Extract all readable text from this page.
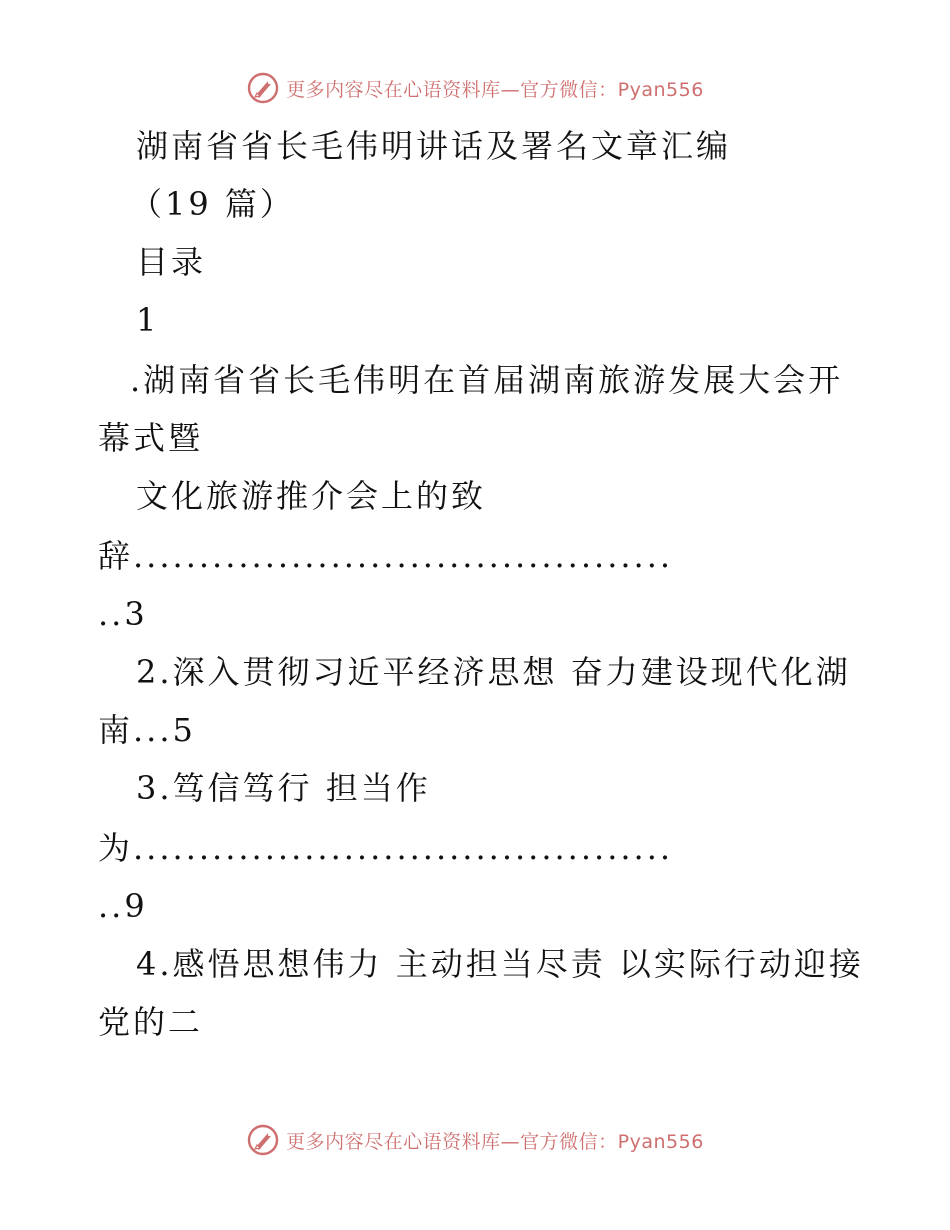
更多内容尽在心语资料库—官方微信：Pyan556
湖南省省长毛伟明讲话及署名文章汇编
（19 篇）
目录
1
.湖南省省长毛伟明在首届湖南旅游发展大会开
幕式暨
文化旅游推介会上的致
辞.........................................
..3
2.深入贯彻习近平经济思想 奋力建设现代化湖
南...5
3.笃信笃行 担当作
为.........................................
..9
4.感悟思想伟力 主动担当尽责 以实际行动迎接
党的二
更多内容尽在心语资料库—官方微信：Pyan556
